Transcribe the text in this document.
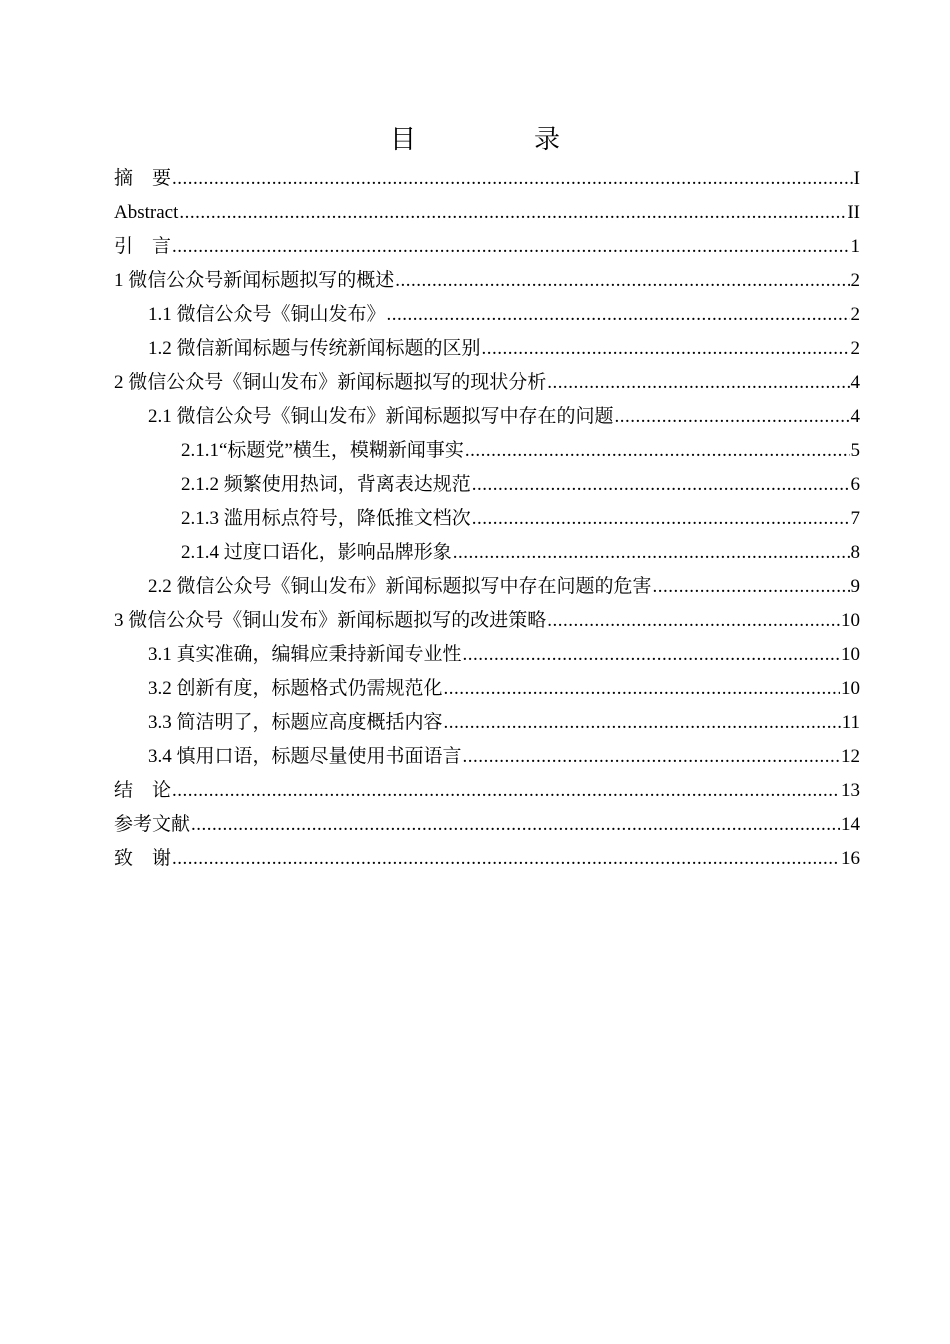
目　录
摘　要 .....	I
Abstract .....	II
引　言 .....	1
1 微信公众号新闻标题拟写的概述 .....	2
1.1 微信公众号《铜山发布》 .....	2
1.2 微信新闻标题与传统新闻标题的区别 .....	2
2 微信公众号《铜山发布》新闻标题拟写的现状分析 .....	4
2.1 微信公众号《铜山发布》新闻标题拟写中存在的问题 .....	4
2.1.1“标题党”横生，模糊新闻事实 .....	5
2.1.2 频繁使用热词，背离表达规范 .....	6
2.1.3 滥用标点符号，降低推文档次 .....	7
2.1.4 过度口语化，影响品牌形象 .....	8
2.2 微信公众号《铜山发布》新闻标题拟写中存在问题的危害 .....	9
3 微信公众号《铜山发布》新闻标题拟写的改进策略 .....	10
3.1 真实准确，编辑应秉持新闻专业性 .....	10
3.2 创新有度，标题格式仍需规范化 .....	10
3.3 简洁明了，标题应高度概括内容 .....	11
3.4 慎用口语，标题尽量使用书面语言 .....	12
结　论 .....	13
参考文献 .....	14
致　谢 .....	16
